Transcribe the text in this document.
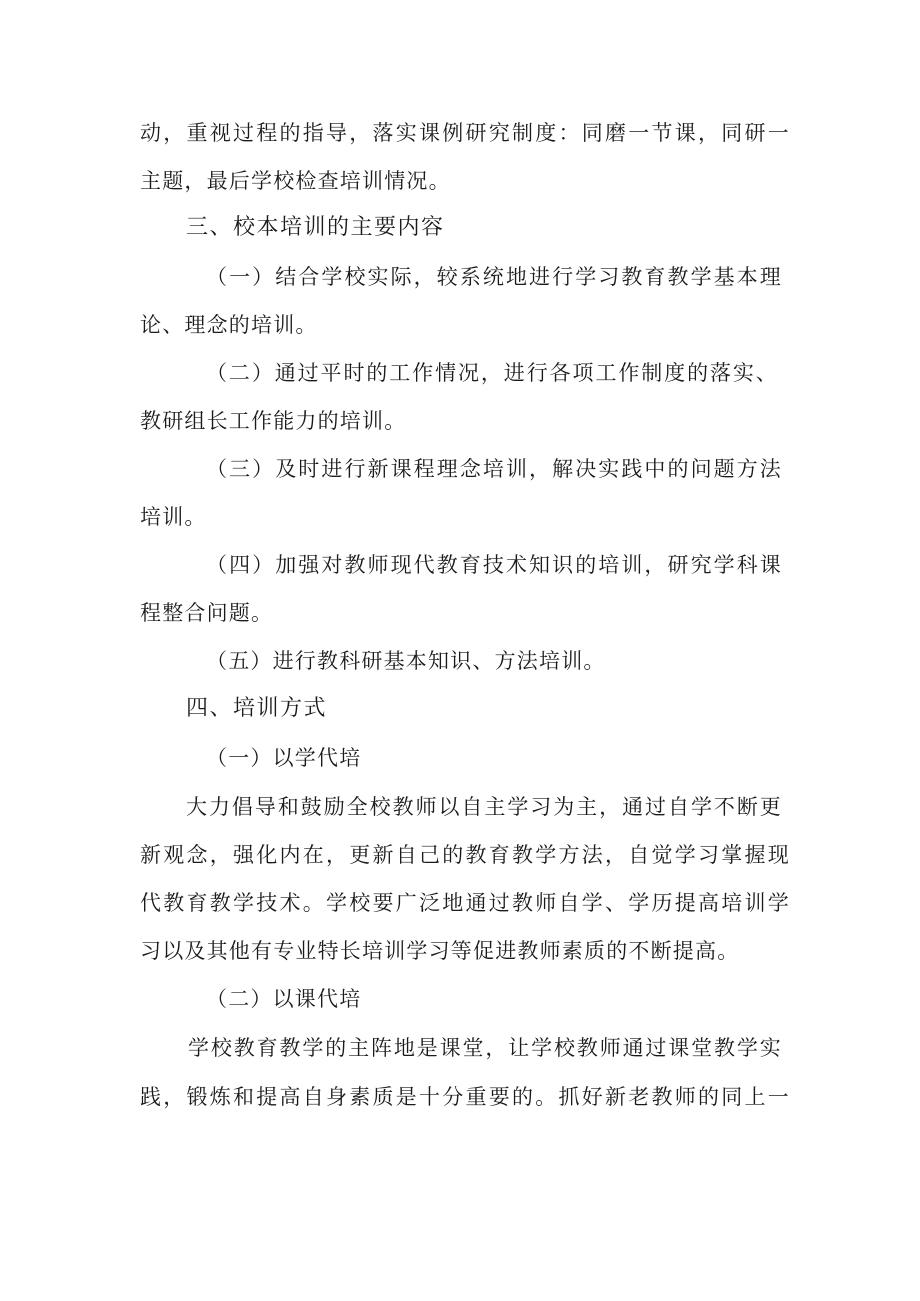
动，重视过程的指导，落实课例研究制度：同磨一节课，同研一
主题，最后学校检查培训情况。
三、校本培训的主要内容
（一）结合学校实际，较系统地进行学习教育教学基本理
论、理念的培训。
（二）通过平时的工作情况，进行各项工作制度的落实、
教研组长工作能力的培训。
（三）及时进行新课程理念培训，解决实践中的问题方法
培训。
（四）加强对教师现代教育技术知识的培训，研究学科课
程整合问题。
（五）进行教科研基本知识、方法培训。
四、培训方式
（一）以学代培
大力倡导和鼓励全校教师以自主学习为主，通过自学不断更
新观念，强化内在，更新自己的教育教学方法，自觉学习掌握现
代教育教学技术。学校要广泛地通过教师自学、学历提高培训学
习以及其他有专业特长培训学习等促进教师素质的不断提高。
（二）以课代培
学校教育教学的主阵地是课堂，让学校教师通过课堂教学实
践，锻炼和提高自身素质是十分重要的。抓好新老教师的同上一
